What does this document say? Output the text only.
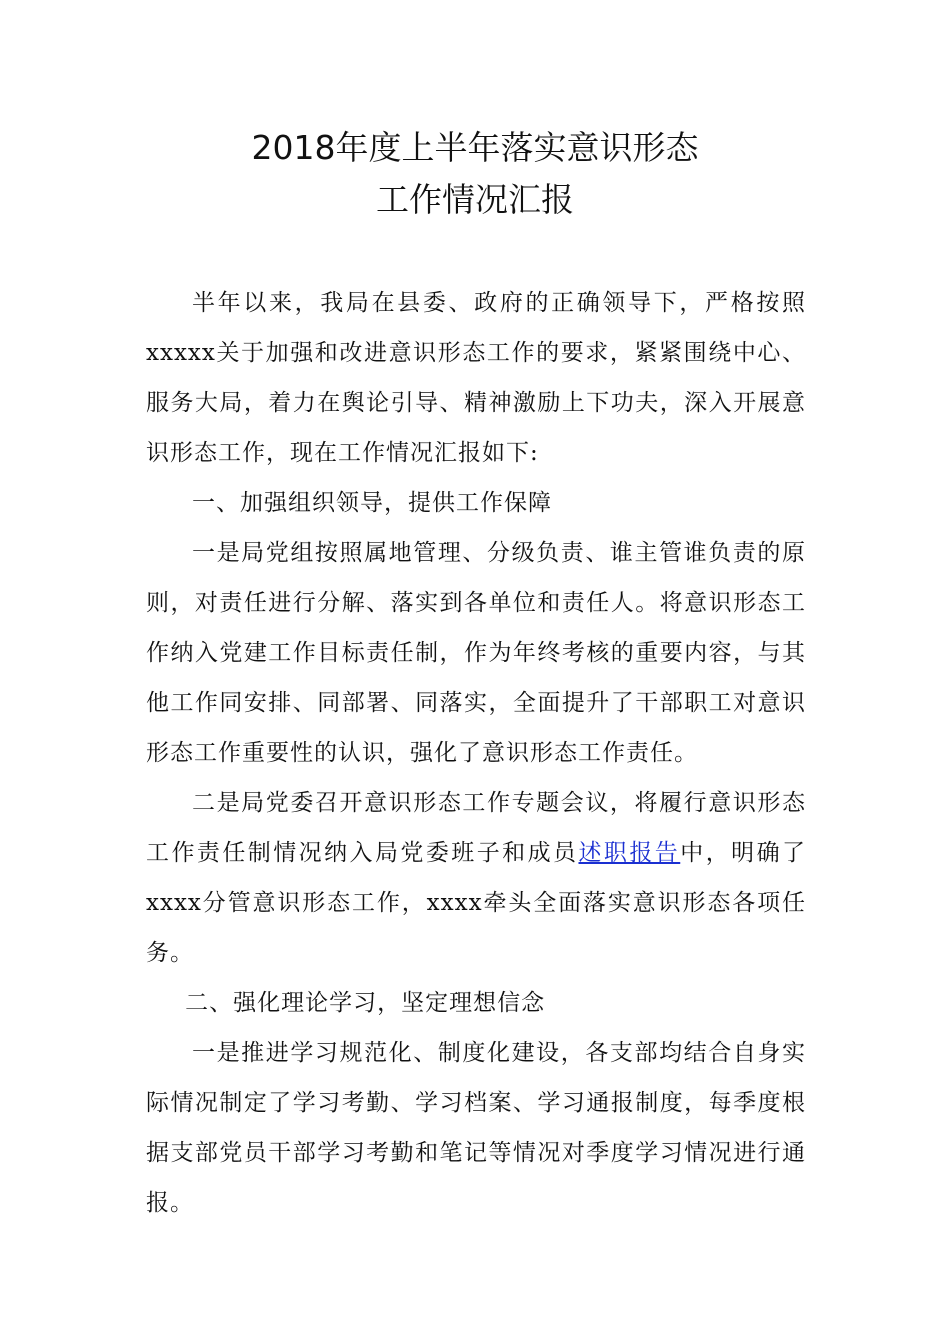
2018年度上半年落实意识形态
工作情况汇报

半年以来，我局在县委、政府的正确领导下，严格按照xxxxx关于加强和改进意识形态工作的要求，紧紧围绕中心、服务大局，着力在舆论引导、精神激励上下功夫，深入开展意识形态工作，现在工作情况汇报如下:

一、加强组织领导，提供工作保障

一是局党组按照属地管理、分级负责、谁主管谁负责的原则，对责任进行分解、落实到各单位和责任人。将意识形态工作纳入党建工作目标责任制，作为年终考核的重要内容，与其他工作同安排、同部署、同落实，全面提升了干部职工对意识形态工作重要性的认识，强化了意识形态工作责任。

二是局党委召开意识形态工作专题会议，将履行意识形态工作责任制情况纳入局党委班子和成员述职报告中，明确了xxxx分管意识形态工作，xxxx牵头全面落实意识形态各项任务。

二、强化理论学习，坚定理想信念

一是推进学习规范化、制度化建设，各支部均结合自身实际情况制定了学习考勤、学习档案、学习通报制度，每季度根据支部党员干部学习考勤和笔记等情况对季度学习情况进行通报。
